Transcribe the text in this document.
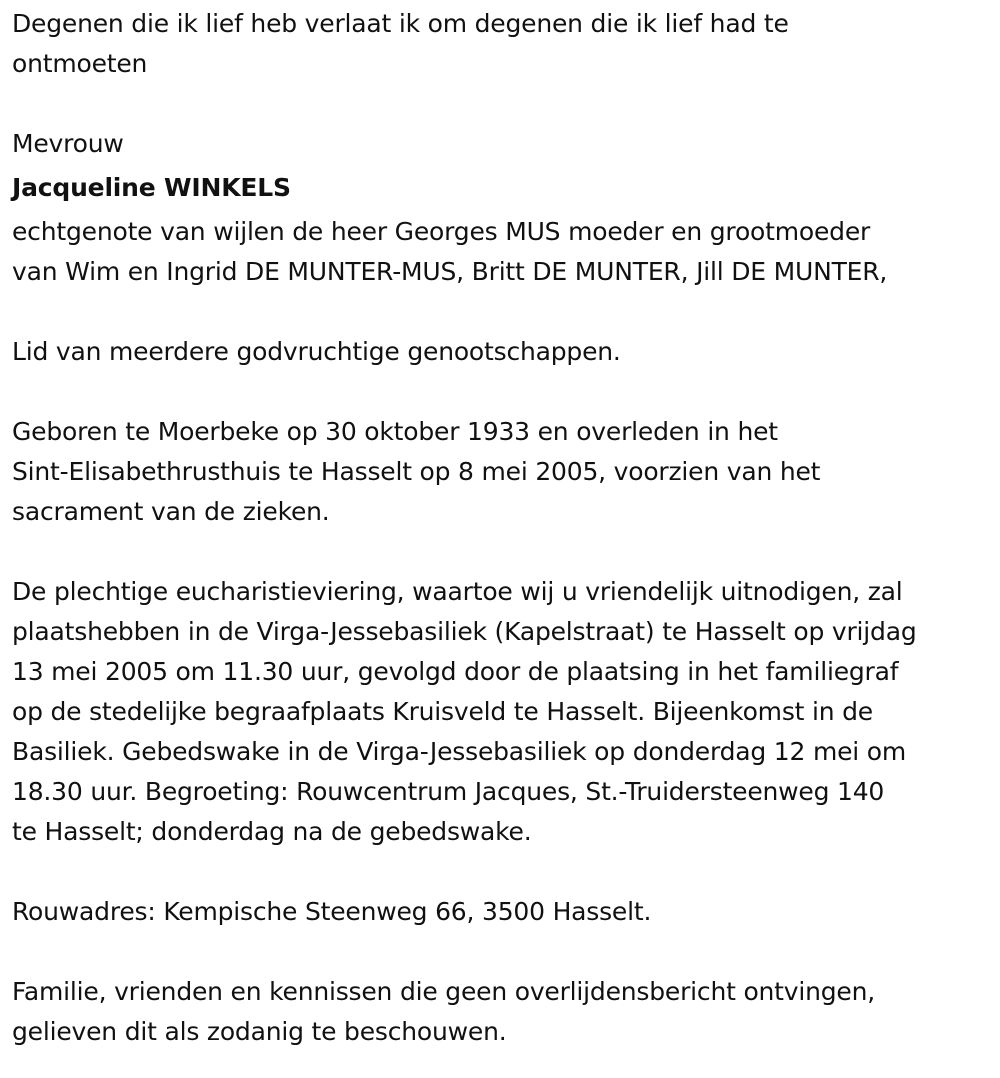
Degenen die ik lief heb verlaat ik om degenen die ik lief had te
ontmoeten
Mevrouw
Jacqueline WINKELS
echtgenote van wijlen de heer Georges MUS moeder en grootmoeder
van Wim en Ingrid DE MUNTER-MUS, Britt DE MUNTER, Jill DE MUNTER,
Lid van meerdere godvruchtige genootschappen.
Geboren te Moerbeke op 30 oktober 1933 en overleden in het
Sint-Elisabethrusthuis te Hasselt op 8 mei 2005, voorzien van het
sacrament van de zieken.
De plechtige eucharistieviering, waartoe wij u vriendelijk uitnodigen, zal
plaatshebben in de Virga-Jessebasiliek (Kapelstraat) te Hasselt op vrijdag
13 mei 2005 om 11.30 uur, gevolgd door de plaatsing in het familiegraf
op de stedelijke begraafplaats Kruisveld te Hasselt. Bijeenkomst in de
Basiliek. Gebedswake in de Virga-Jessebasiliek op donderdag 12 mei om
18.30 uur. Begroeting: Rouwcentrum Jacques, St.-Truidersteenweg 140
te Hasselt; donderdag na de gebedswake.
Rouwadres: Kempische Steenweg 66, 3500 Hasselt.
Familie, vrienden en kennissen die geen overlijdensbericht ontvingen,
gelieven dit als zodanig te beschouwen.
